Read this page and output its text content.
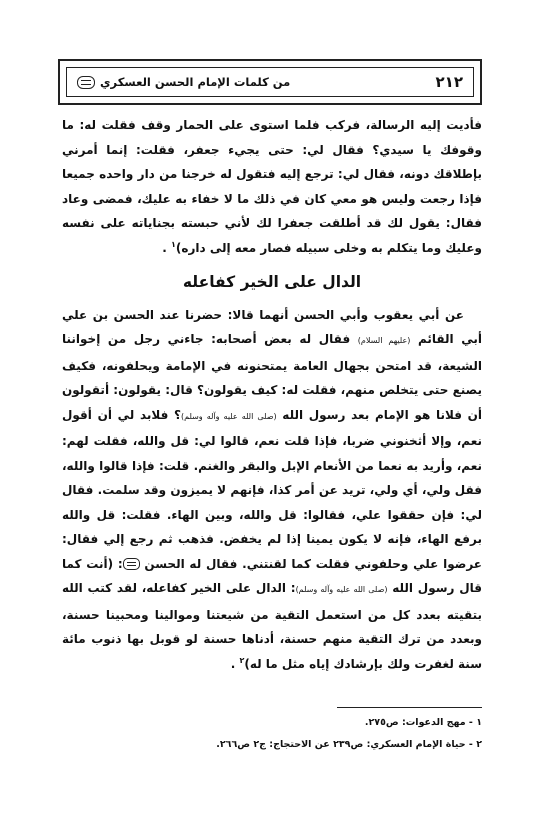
٢١٢
من كلمات الإمام الحسن العسكري

فأديت إليه الرسالة، فركب فلما استوى على الحمار وقف فقلت له: ما وقوفك يا سيدي؟ فقال لي: حتى يجيء جعفر، فقلت: إنما أمرني بإطلاقك دونه، فقال لي: ترجع إليه فتقول له خرجنا من دار واحده جميعا فإذا رجعت وليس هو معي كان في ذلك ما لا خفاء به عليك، فمضى وعاد فقال: يقول لك قد أطلقت جعفرا لك لأني حبسته بجناياته على نفسه وعليك وما يتكلم به وخلى سبيله فصار معه إلى داره)$^١$ .

الدال على الخير كفاعله

عن أبي يعقوب وأبي الحسن أنهما قالا: حضرنا عند الحسن بن علي أبي القائم (عليهم السلام) فقال له بعض أصحابه: جاءني رجل من إخواننا الشيعة، قد امتحن بجهال العامة يمتحنونه في الإمامة ويحلفونه، فكيف يصنع حتى يتخلص منهم، فقلت له: كيف يقولون؟ قال: يقولون: أتقولون أن فلانا هو الإمام بعد رسول الله (صلى الله عليه وآله وسلم)؟ فلابد لي أن أقول نعم، وإلا أثخنوني ضربا، فإذا قلت نعم، قالوا لي: قل والله، فقلت لهم: نعم، وأريد به نعما من الأنعام الإبل والبقر والغنم. قلت: فإذا قالوا والله، فقل ولي، أي ولي، تريد عن أمر كذا، فإنهم لا يميزون وقد سلمت. فقال لي: فإن حققوا علي، فقالوا: قل والله، وبين الهاء. فقلت: قل والله برفع الهاء، فإنه لا يكون يمينا إذا لم يخفض. فذهب ثم رجع إلي فقال: عرضوا علي وحلفوني فقلت كما لقنتني. فقال له الحسن : (أنت كما قال رسول الله (صلى الله عليه وآله وسلم): الدال على الخير كفاعله، لقد كتب الله بتقيته بعدد كل من استعمل التقية من شيعتنا وموالينا ومحبينا حسنة، وبعدد من ترك التقية منهم حسنة، أدناها حسنة لو قوبل بها ذنوب مائة سنة لغفرت ولك بإرشادك إياه مثل ما له)$^٢$ .

١ - مهج الدعوات: ص٢٧٥.

٢ - حياة الإمام العسكري: ص٢٣٩ عن الاحتجاج: ج٢ ص٢٦٦.
